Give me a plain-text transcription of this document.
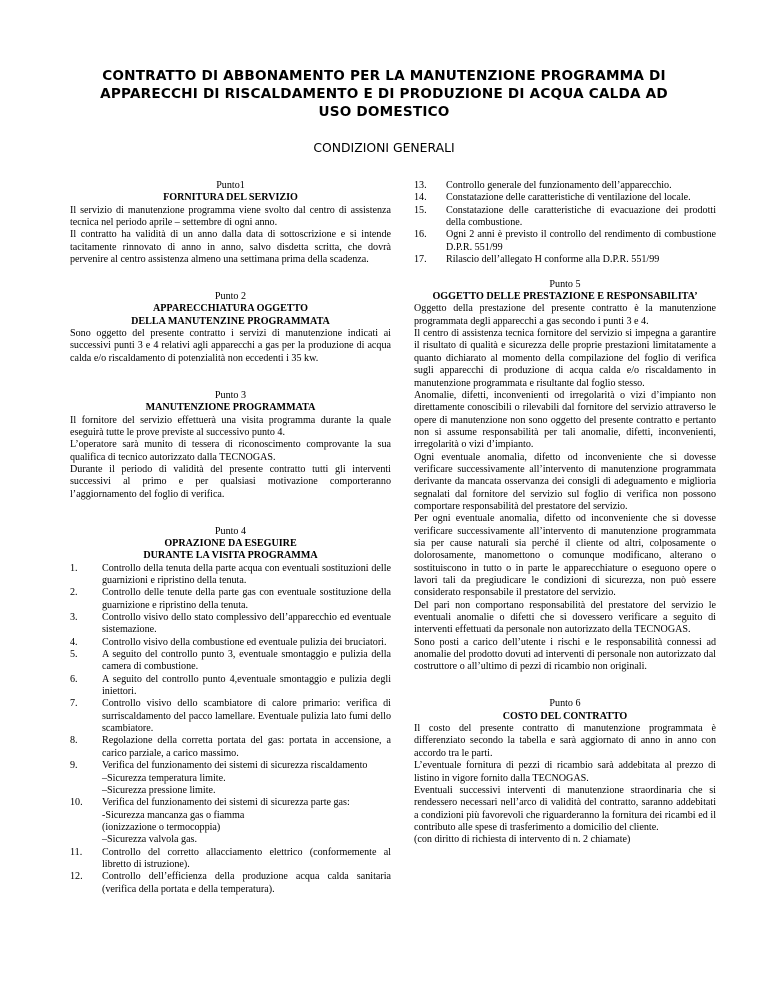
CONTRATTO DI ABBONAMENTO PER LA MANUTENZIONE PROGRAMMA DI
APPARECCHI DI RISCALDAMENTO E DI PRODUZIONE DI ACQUA CALDA AD
USO DOMESTICO
CONDIZIONI GENERALI
Punto1
FORNITURA DEL SERVIZIO

Il servizio di manutenzione programma viene svolto dal centro di assistenza tecnica nel periodo aprile – settembre di ogni anno.

Il contratto ha validità di un anno dalla data di sottoscrizione e si intende tacitamente rinnovato di anno in anno, salvo disdetta scritta, che dovrà pervenire al centro assistenza almeno una settimana prima della scadenza.

Punto 2
APPARECCHIATURA OGGETTO
DELLA MANUTENZINE PROGRAMMATA

Sono oggetto del presente contratto i servizi di manutenzione indicati ai successivi punti 3 e 4 relativi agli apparecchi a gas per la produzione di acqua calda e/o riscaldamento di potenzialità non eccedenti i 35 kw.

Punto 3
MANUTENZIONE PROGRAMMATA

Il fornitore del servizio effettuerà una visita programma durante la quale eseguirà tutte le prove previste al successivo punto 4.

L’operatore sarà munito di tessera di riconoscimento comprovante la sua qualifica di tecnico autorizzato dalla TECNOGAS.

Durante il periodo di validità del presente contratto tutti gli interventi successivi al primo e per qualsiasi motivazione comporteranno l’aggiornamento del foglio di verifica.

Punto 4
OPRAZIONE DA ESEGUIRE
DURANTE LA VISITA PROGRAMMA
1. Controllo della tenuta della parte acqua con eventuali sostituzioni delle guarnizioni e ripristino della tenuta.
2. Controllo delle tenute della parte gas con eventuale sostituzione della guarnizione e ripristino della tenuta.
3. Controllo visivo dello stato complessivo dell’apparecchio ed eventuale sistemazione.
4. Controllo visivo della combustione ed eventuale pulizia dei bruciatori.
5. A seguito del controllo punto 3, eventuale smontaggio e pulizia della camera di combustione.
6. A seguito del controllo punto 4,eventuale smontaggio e pulizia degli iniettori.
7. Controllo visivo dello scambiatore di calore primario: verifica di surriscaldamento del pacco lamellare. Eventuale pulizia lato fumi dello scambiatore.
8. Regolazione della corretta portata del gas: portata in accensione, a carico parziale, a carico massimo.
9. Verifica del funzionamento dei sistemi di sicurezza riscaldamento
–Sicurezza temperatura limite.
–Sicurezza pressione limite.
10. Verifica del funzionamento dei sistemi di sicurezza parte gas:
-Sicurezza mancanza gas o fiamma
(ionizzazione o termocoppia)
–Sicurezza valvola gas.
11. Controllo del corretto allacciamento elettrico (conformemente al libretto di istruzione).
12. Controllo dell’efficienza della produzione acqua calda sanitaria (verifica della portata e della temperatura).
13. Controllo generale del funzionamento dell’apparecchio.
14. Constatazione delle caratteristiche di ventilazione del locale.
15. Constatazione delle caratteristiche di evacuazione dei prodotti della combustione.
16. Ogni 2 anni è previsto il controllo del rendimento di combustione D.P.R. 551/99
17. Rilascio dell’allegato H conforme alla D.P.R. 551/99
Punto 5
OGGETTO DELLE PRESTAZIONE E RESPONSABILITA’

Oggetto della prestazione del presente contratto è la manutenzione programmata degli apparecchi a gas secondo i punti 3 e 4.

Il centro di assistenza tecnica fornitore del servizio si impegna a garantire il risultato di qualità e sicurezza delle proprie prestazioni limitatamente a quanto dichiarato al momento della compilazione del foglio di verifica sugli apparecchi di produzione di acqua calda e/o riscaldamento in manutenzione programmata e risultante dal foglio stesso.

Anomalie, difetti, inconvenienti od irregolarità o vizi d’impianto non direttamente conoscibili o rilevabili dal fornitore del servizio attraverso le opere di manutenzione non sono oggetto del presente contratto e pertanto non si assume responsabilità per tali anomalie, difetti, inconvenienti, irregolarità o vizi d’impianto.

Ogni eventuale anomalia, difetto od inconveniente che si dovesse verificare successivamente all’intervento di manutenzione programmata derivante da mancata osservanza dei consigli di adeguamento e miglioria segnalati dal fornitore del servizio sul foglio di verifica non possono comportare responsabilità del prestatore del servizio.

Per ogni eventuale anomalia, difetto od inconveniente che si dovesse verificare successivamente all’intervento di manutenzione programmata sia per cause naturali sia perché il cliente od altri, colposamente o dolorosamente, manomettono o comunque modificano, alterano o sostituiscono in tutto o in parte le apparecchiature o eseguono opere o lavori tali da pregiudicare le condizioni di sicurezza, non può essere considerato responsabile il prestatore del servizio.

Del pari non comportano responsabilità del prestatore del servizio le eventuali anomalie o difetti che si dovessero verificare a seguito di interventi effettuati da personale non autorizzato della TECNOGAS.

Sono posti a carico dell’utente i rischi e le responsabilità connessi ad anomalie del prodotto dovuti ad interventi di personale non autorizzato dal costruttore o all’ultimo di pezzi di ricambio non originali.

Punto 6
COSTO DEL CONTRATTO

Il costo del presente contratto di manutenzione programmata è differenziato secondo la tabella e sarà aggiornato di anno in anno con accordo tra le parti.

L’eventuale fornitura di pezzi di ricambio sarà addebitata al prezzo di listino in vigore fornito dalla TECNOGAS.

Eventuali successivi interventi di manutenzione straordinaria che si rendessero necessari nell’arco di validità del contratto, saranno addebitati a condizioni più favorevoli che riguarderanno la fornitura dei ricambi ed il contributo alle spese di trasferimento a domicilio del cliente.

(con diritto di richiesta di intervento di n. 2 chiamate)
